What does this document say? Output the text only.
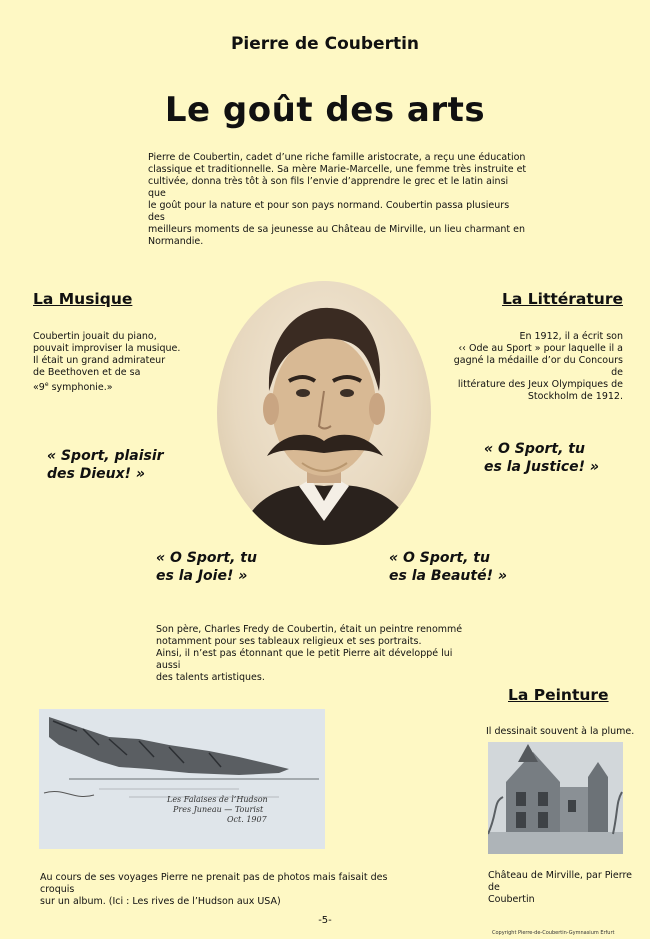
Pierre de Coubertin
Le goût des arts
Pierre de Coubertin, cadet d’une riche famille aristocrate, a reçu une éducation
classique et traditionnelle. Sa mère Marie-Marcelle, une femme très instruite et
cultivée, donna très tôt à son fils l’envie d’apprendre le grec et le latin ainsi que
le goût pour la nature et pour son pays normand. Coubertin passa plusieurs des
meilleurs moments de sa jeunesse au Château de Mirville, un lieu charmant en
Normandie.
La Musique
Coubertin jouait du piano,
pouvait improviser la musique.
Il était un grand admirateur
de Beethoven et de sa
«9e symphonie.»
La Littérature
En 1912, il a écrit son
‹‹ Ode au Sport » pour laquelle il a
gagné la médaille d’or du Concours de
littérature des Jeux Olympiques de
Stockholm de 1912.
« Sport, plaisir
des Dieux! »
« O Sport, tu
es la Justice! »
« O Sport, tu
es la Joie! »
« O Sport, tu
es la Beauté! »
Son père, Charles Fredy de Coubertin, était un peintre renommé
notamment pour ses tableaux religieux et ses portraits.
Ainsi, il n’est pas étonnant que le petit Pierre ait développé lui aussi
des talents artistiques.
La Peinture
Il dessinait souvent à la plume.
Les Falaises de l’Hudson
Pres Juneau — Tourist
Oct. 1907
Au cours de ses voyages Pierre ne prenait pas de photos mais faisait des croquis
sur un album. (Ici : Les rives de l’Hudson aux USA)
Château de Mirville, par Pierre de
Coubertin
-5-
Copyright Pierre-de-Coubertin-Gymnasium Erfurt
